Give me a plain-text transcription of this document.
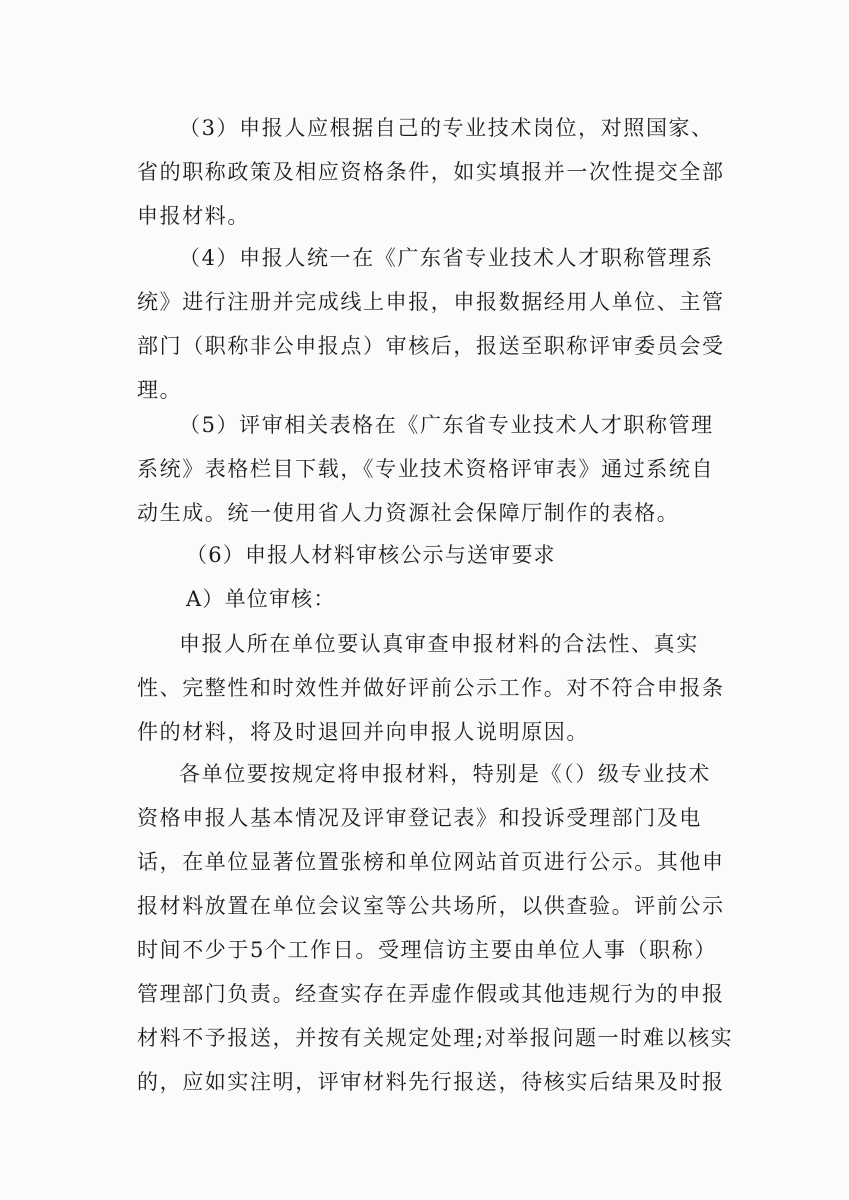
（3）申报人应根据自己的专业技术岗位，对照国家、
省的职称政策及相应资格条件，如实填报并一次性提交全部
申报材料。
（4）申报人统一在《广东省专业技术人才职称管理系
统》进行注册并完成线上申报，申报数据经用人单位、主管
部门（职称非公申报点）审核后，报送至职称评审委员会受
理。
（5）评审相关表格在《广东省专业技术人才职称管理
系统》表格栏目下载，《专业技术资格评审表》通过系统自
动生成。统一使用省人力资源社会保障厅制作的表格。

（6）申报人材料审核公示与送审要求

A）单位审核：

申报人所在单位要认真审查申报材料的合法性、真实
性、完整性和时效性并做好评前公示工作。对不符合申报条
件的材料，将及时退回并向申报人说明原因。
各单位要按规定将申报材料，特别是《（）级专业技术
资格申报人基本情况及评审登记表》和投诉受理部门及电
话，在单位显著位置张榜和单位网站首页进行公示。其他申
报材料放置在单位会议室等公共场所，以供查验。评前公示
时间不少于5个工作日。受理信访主要由单位人事（职称）
管理部门负责。经查实存在弄虚作假或其他违规行为的申报
材料不予报送，并按有关规定处理;对举报问题一时难以核实
的，应如实注明，评审材料先行报送，待核实后结果及时报
